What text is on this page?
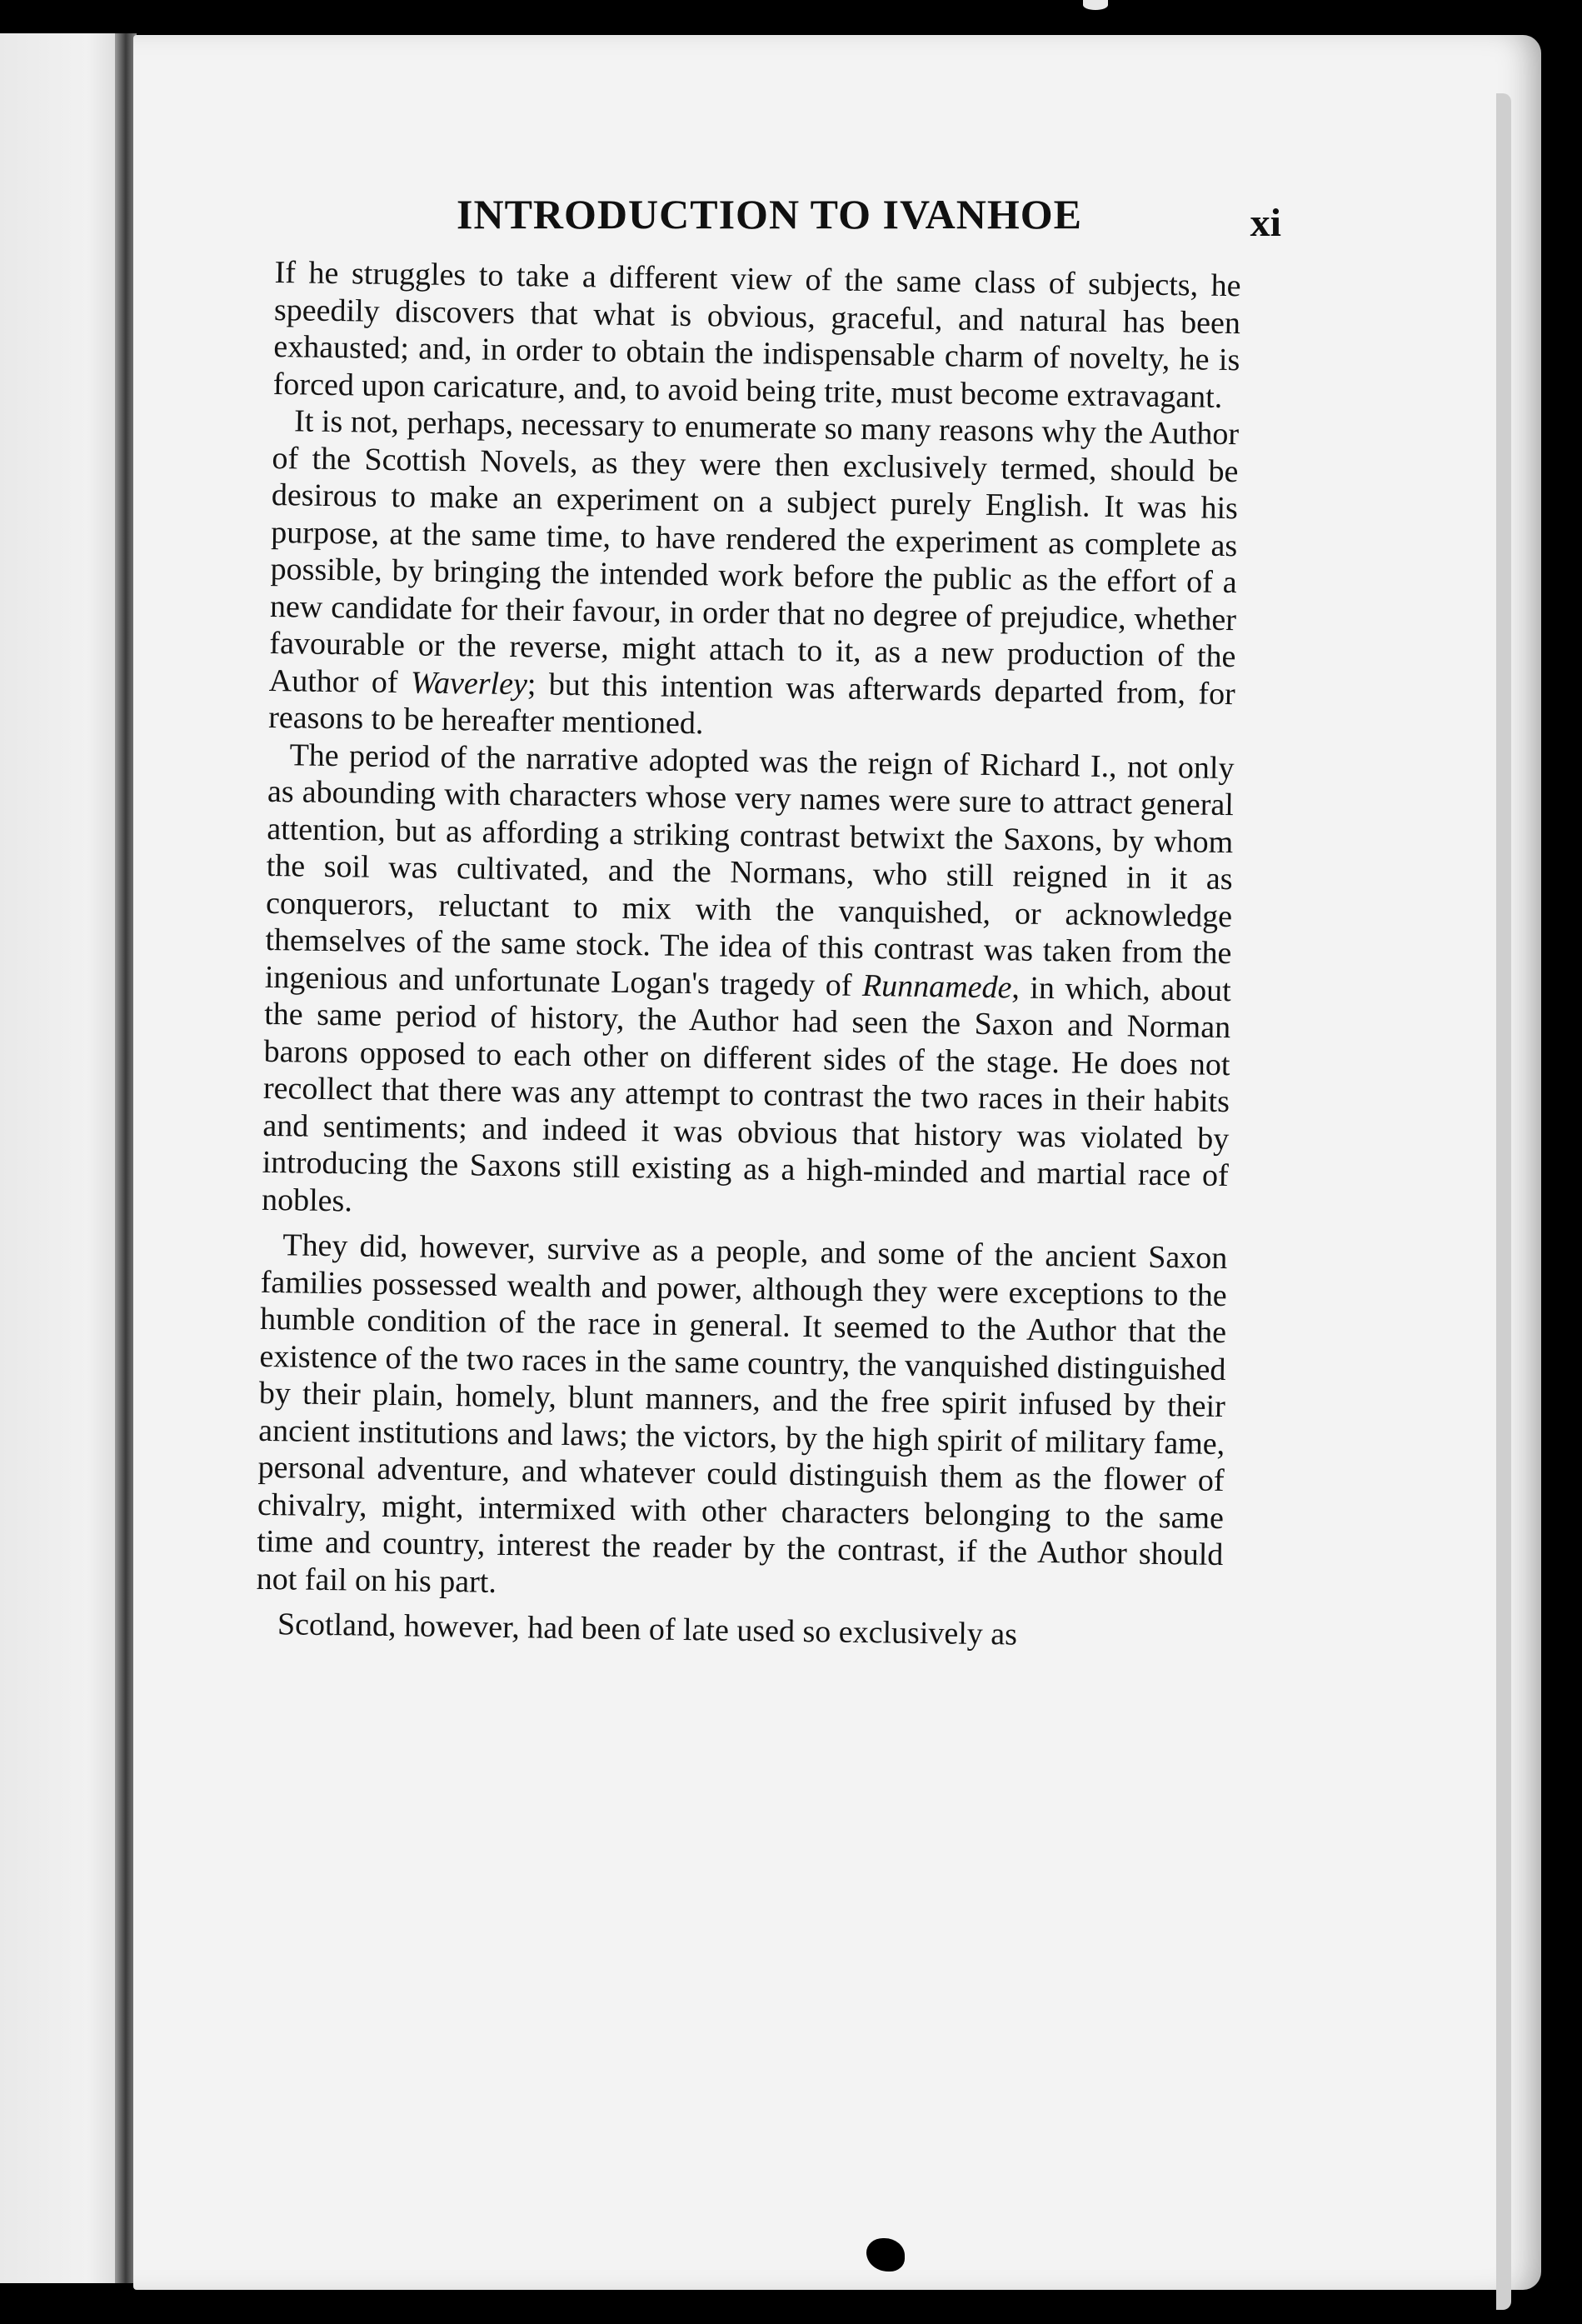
INTRODUCTION TO IVANHOE	xi

If he struggles to take a different view of the same class of subjects, he speedily discovers that what is obvious, graceful, and natural has been exhausted; and, in order to obtain the indispensable charm of novelty, he is forced upon caricature, and, to avoid being trite, must become extravagant.

It is not, perhaps, necessary to enumerate so many reasons why the Author of the Scottish Novels, as they were then exclusively termed, should be desirous to make an experiment on a subject purely English. It was his purpose, at the same time, to have rendered the experiment as complete as possible, by bringing the intended work before the public as the effort of a new candidate for their favour, in order that no degree of prejudice, whether favourable or the reverse, might attach to it, as a new production of the Author of Waverley; but this intention was afterwards departed from, for reasons to be hereafter mentioned.

The period of the narrative adopted was the reign of Richard I., not only as abounding with characters whose very names were sure to attract general attention, but as affording a striking contrast betwixt the Saxons, by whom the soil was cultivated, and the Normans, who still reigned in it as conquerors, reluctant to mix with the vanquished, or acknowledge themselves of the same stock. The idea of this contrast was taken from the ingenious and unfortunate Logan's tragedy of Runnamede, in which, about the same period of history, the Author had seen the Saxon and Norman barons opposed to each other on different sides of the stage. He does not recollect that there was any attempt to contrast the two races in their habits and sentiments; and indeed it was obvious that history was violated by introducing the Saxons still existing as a high-minded and martial race of nobles.

They did, however, survive as a people, and some of the ancient Saxon families possessed wealth and power, although they were exceptions to the humble condition of the race in general. It seemed to the Author that the existence of the two races in the same country, the vanquished distinguished by their plain, homely, blunt manners, and the free spirit infused by their ancient institutions and laws; the victors, by the high spirit of military fame, personal adventure, and whatever could distinguish them as the flower of chivalry, might, intermixed with other characters belonging to the same time and country, interest the reader by the contrast, if the Author should not fail on his part.

Scotland, however, had been of late used so exclusively as
